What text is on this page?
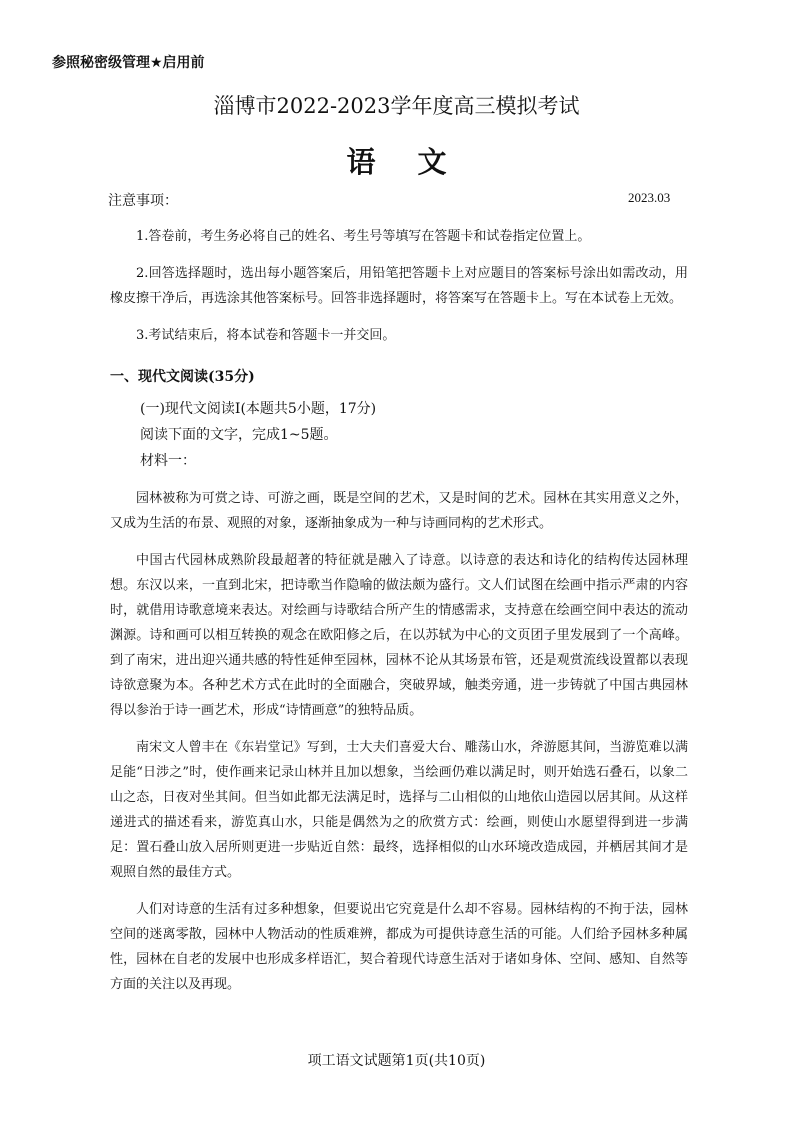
参照秘密级管理★启用前
淄博市2022-2023学年度高三模拟考试
语 文
注意事项：	2023.03

1.答卷前，考生务必将自己的姓名、考生号等填写在答题卡和试卷指定位置上。

2.回答选择题时，选出每小题答案后，用铅笔把答题卡上对应题目的答案标号涂出如需改动，用橡皮擦干净后，再选涂其他答案标号。回答非选择题时，将答案写在答题卡上。写在本试卷上无效。

3.考试结束后，将本试卷和答题卡一并交回。

一、现代文阅读(35分)

(一)现代文阅读Ⅰ(本题共5小题，17分)

阅读下面的文字，完成1~5题。

材料一：

园林被称为可赏之诗、可游之画，既是空间的艺术，又是时间的艺术。园林在其实用意义之外，又成为生活的布景、观照的对象，逐渐抽象成为一种与诗画同构的艺术形式。

中国古代园林成熟阶段最超著的特征就是融入了诗意。以诗意的表达和诗化的结构传达园林理想。东汉以来，一直到北宋，把诗歌当作隐喻的做法颇为盛行。文人们试图在绘画中指示严肃的内容时，就借用诗歌意境来表达。对绘画与诗歌结合所产生的情感需求，支持意在绘画空间中表达的流动渊源。诗和画可以相互转换的观念在欧阳修之后，在以苏轼为中心的文页团子里发展到了一个高峰。到了南宋，进出迎兴通共感的特性延伸至园林，园林不论从其场景布管，还是观赏流线设置都以表现诗欲意聚为本。各种艺术方式在此时的全面融合，突破界域，触类旁通，进一步铸就了中国古典园林得以参治于诗一画艺术，形成“诗情画意”的独特品质。

南宋文人曾丰在《东岩堂记》写到，士大夫们喜爱大台、雕荡山水，斧游愿其间，当游览难以满足能“日涉之”时，使作画来记录山林并且加以想象，当绘画仍难以满足时，则开始选石叠石，以象二山之态，日夜对坐其间。但当如此都无法满足时，选择与二山相似的山地依山造园以居其间。从这样递进式的描述看来，游览真山水，只能是偶然为之的欣赏方式：绘画，则使山水愿望得到进一步满足：置石叠山放入居所则更进一步贴近自然：最终，选择相似的山水环境改造成园，并栖居其间才是观照自然的最佳方式。

人们对诗意的生活有过多种想象，但要说出它究竟是什么却不容易。园林结构的不拘于法，园林空间的迷离零散，园林中人物活动的性质难辨，都成为可提供诗意生活的可能。人们给予园林多种属性，园林在自老的发展中也形成多样语汇，契合着现代诗意生活对于诸如身体、空间、感知、自然等方面的关注以及再现。

项工语文试题第1页(共10页)
